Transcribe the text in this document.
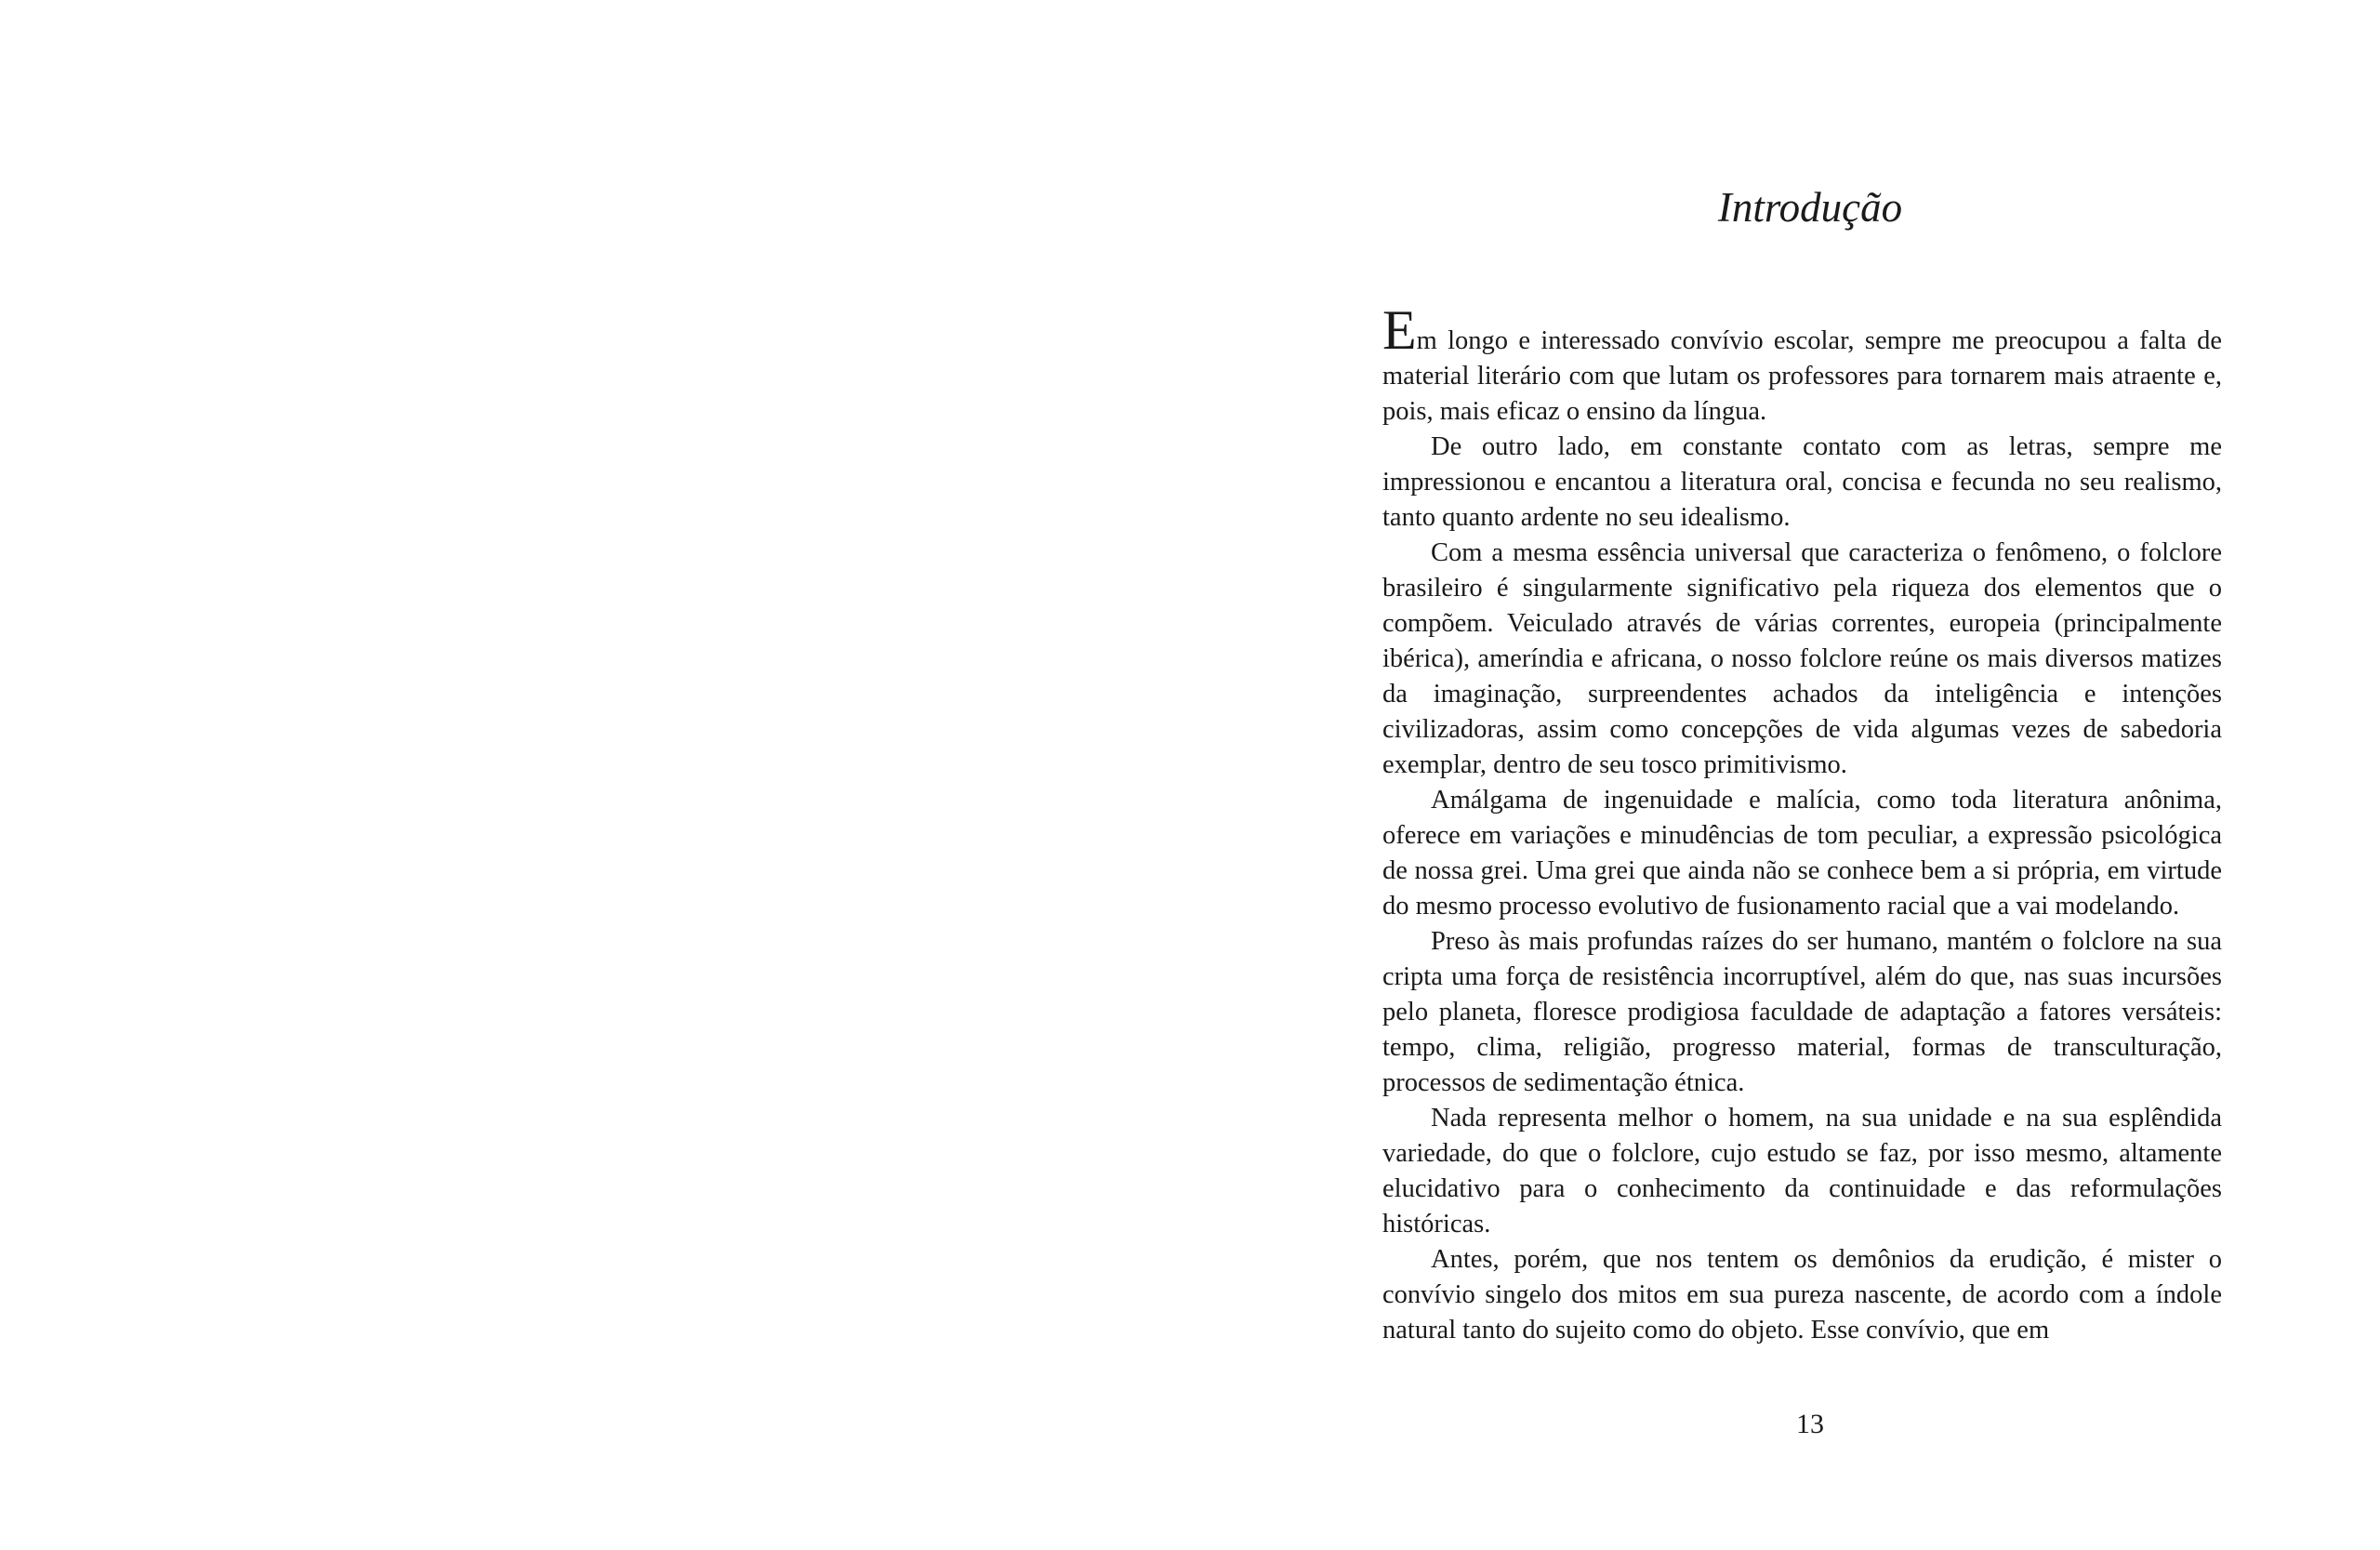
Introdução

Em longo e interessado convívio escolar, sempre me preocupou a falta de material literário com que lutam os professores para tornarem mais atraente e, pois, mais eficaz o ensino da língua.

De outro lado, em constante contato com as letras, sempre me impressionou e encantou a literatura oral, concisa e fecunda no seu realismo, tanto quanto ardente no seu idealismo.

Com a mesma essência universal que caracteriza o fenômeno, o folclore brasileiro é singularmente significativo pela riqueza dos elementos que o compõem. Veiculado através de várias correntes, europeia (principalmente ibérica), ameríndia e africana, o nosso folclore reúne os mais diversos matizes da imaginação, surpreendentes achados da inteligência e intenções civilizadoras, assim como concepções de vida algumas vezes de sabedoria exemplar, dentro de seu tosco primitivismo.

Amálgama de ingenuidade e malícia, como toda literatura anônima, oferece em variações e minudências de tom peculiar, a expressão psicológica de nossa grei. Uma grei que ainda não se conhece bem a si própria, em virtude do mesmo processo evolutivo de fusionamento racial que a vai modelando.

Preso às mais profundas raízes do ser humano, mantém o folclore na sua cripta uma força de resistência incorruptível, além do que, nas suas incursões pelo planeta, floresce prodigiosa faculdade de adaptação a fatores versáteis: tempo, clima, religião, progresso material, formas de transculturação, processos de sedimentação étnica.

Nada representa melhor o homem, na sua unidade e na sua esplêndida variedade, do que o folclore, cujo estudo se faz, por isso mesmo, altamente elucidativo para o conhecimento da continuidade e das reformulações históricas.

Antes, porém, que nos tentem os demônios da erudição, é mister o convívio singelo dos mitos em sua pureza nascente, de acordo com a índole natural tanto do sujeito como do objeto. Esse convívio, que em

13
